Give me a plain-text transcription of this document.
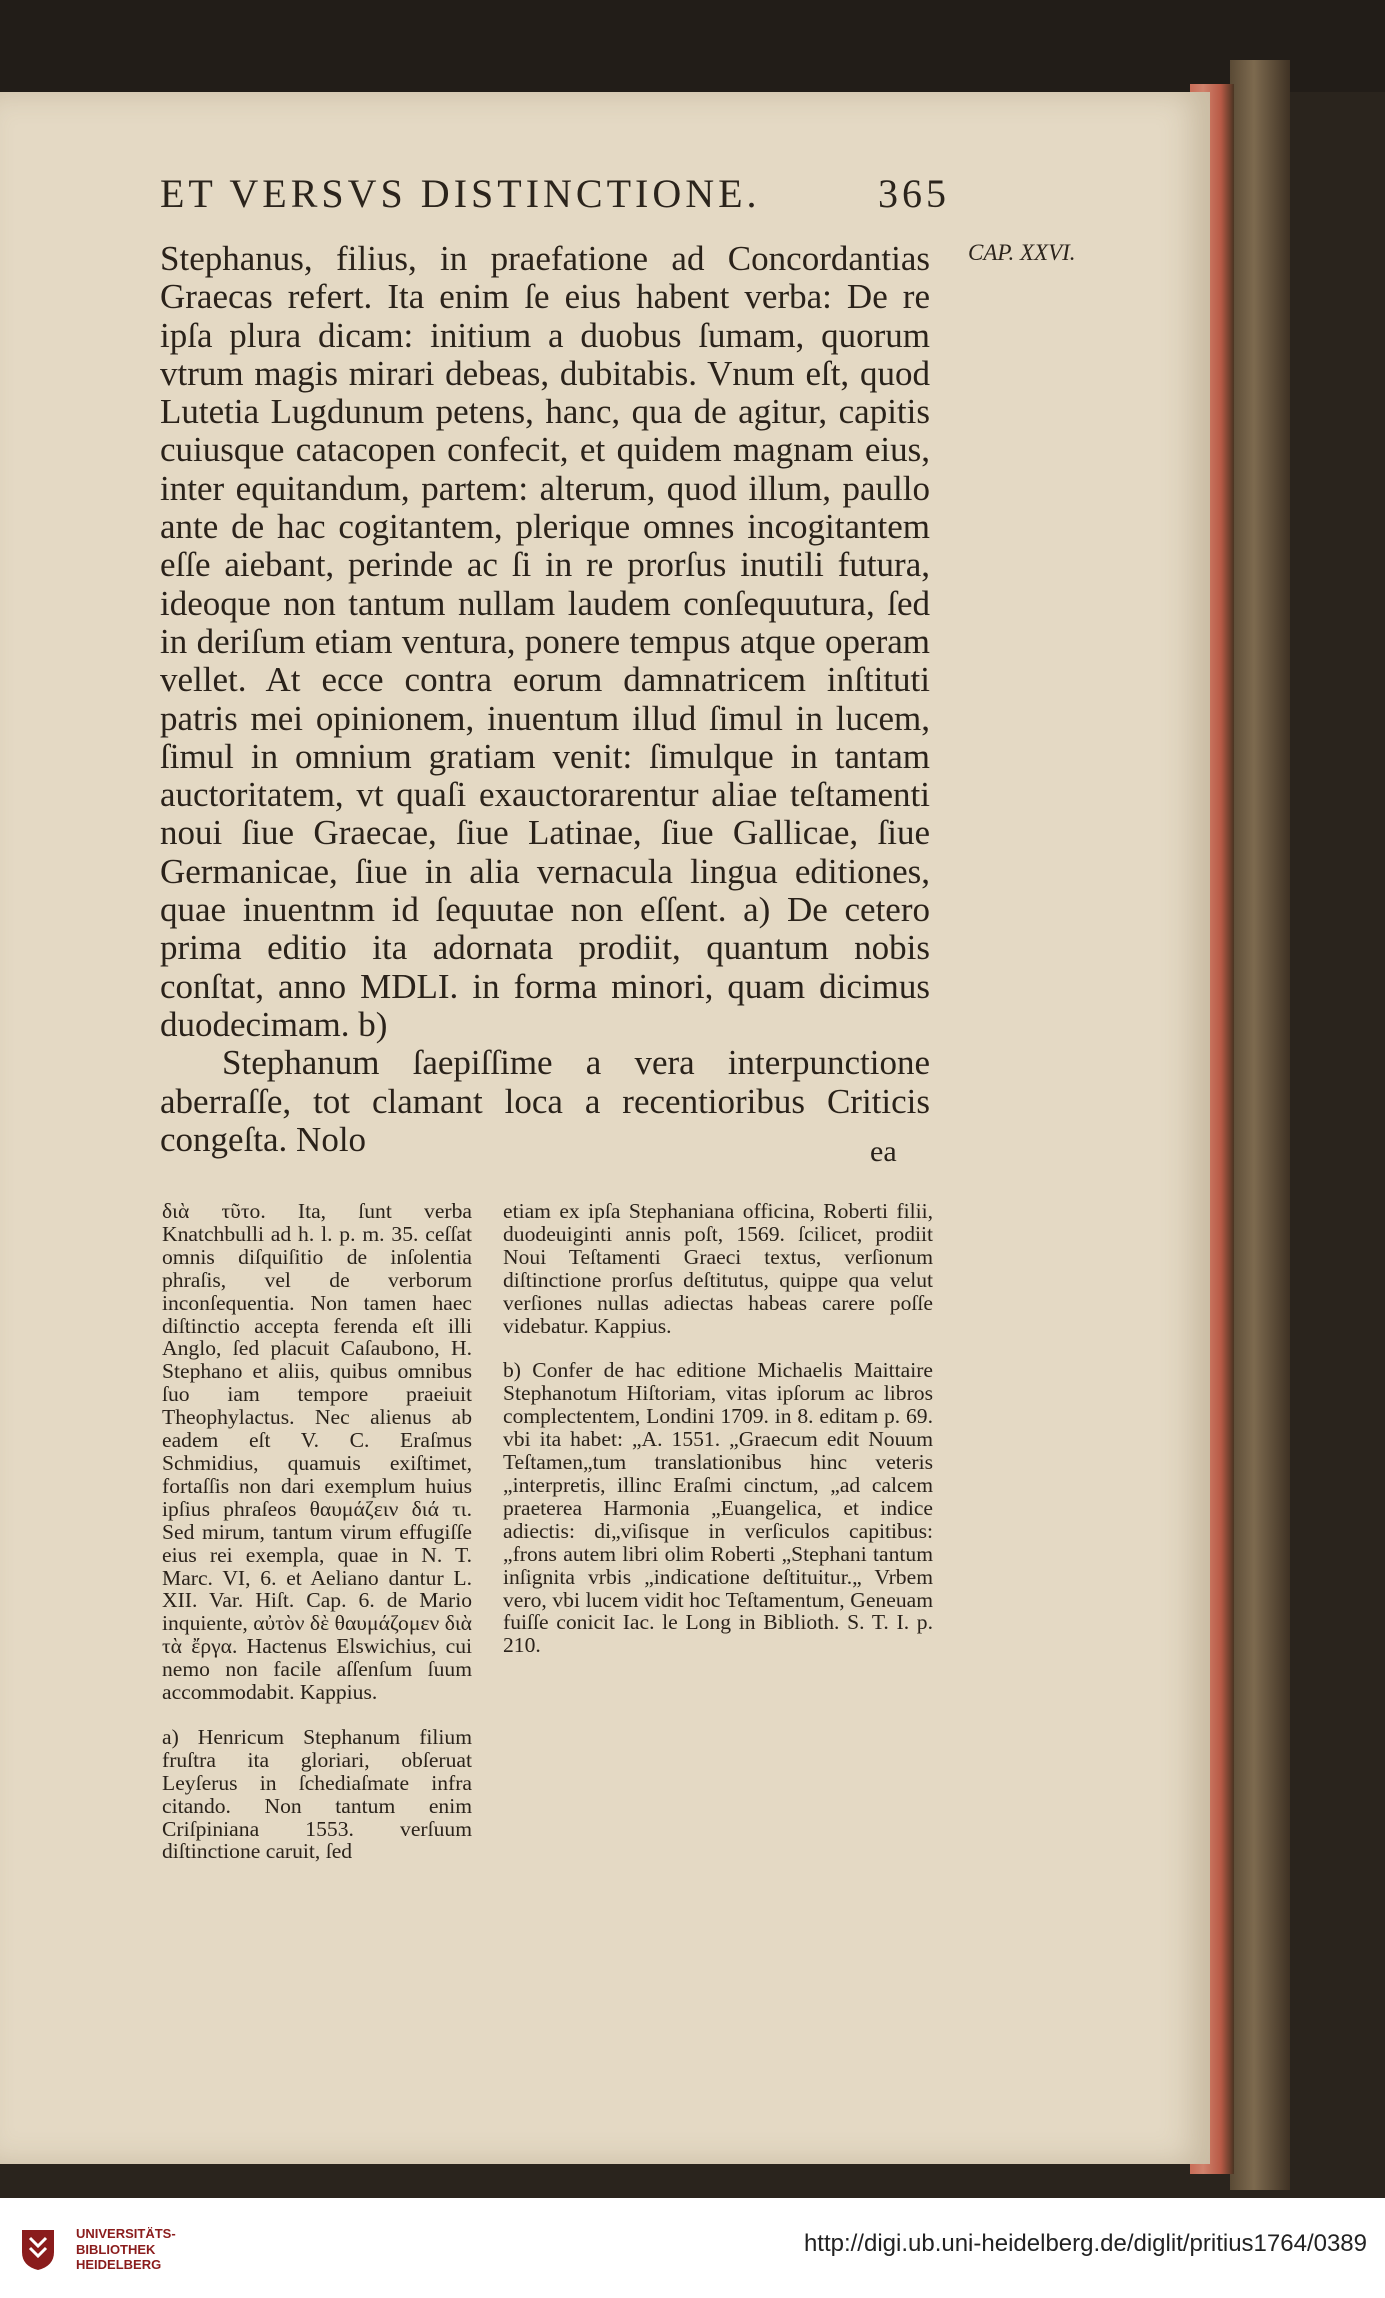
ET VERSVS DISTINCTIONE.	365
CAP. XXVI.

Stephanus, filius, in praefatione ad Concordantias Graecas refert. Ita enim ſe eius habent verba: De re ipſa plura dicam: initium a duobus ſumam, quorum vtrum magis mirari debeas, dubitabis. Vnum eſt, quod Lutetia Lugdunum petens, hanc, qua de agitur, capitis cuiusque catacopen confecit, et quidem magnam eius, inter equitandum, partem: alterum, quod illum, paullo ante de hac cogitantem, plerique omnes incogitantem eſſe aiebant, perinde ac ſi in re prorſus inutili futura, ideoque non tantum nullam laudem conſequutura, ſed in deriſum etiam ventura, ponere tempus atque operam vellet. At ecce contra eorum damnatricem inſtituti patris mei opinionem, inuentum illud ſimul in lucem, ſimul in omnium gratiam venit: ſimulque in tantam auctoritatem, vt quaſi exauctorarentur aliae teſtamenti noui ſiue Graecae, ſiue Latinae, ſiue Gallicae, ſiue Germanicae, ſiue in alia vernacula lingua editiones, quae inuentnm id ſequutae non eſſent. a) De cetero prima editio ita adornata prodiit, quantum nobis conſtat, anno MDLI. in forma minori, quam dicimus duodecimam. b)

Stephanum ſaepiſſime a vera interpunctione aberraſſe, tot clamant loca a recentioribus Criticis congeſta. Nolo	ea

διὰ τῦτο. Ita, ſunt verba Knatchbulli ad h. l. p. m. 35. ceſſat omnis diſquiſitio de inſolentia phraſis, vel de verborum inconſequentia. Non tamen haec diſtinctio accepta ferenda eſt illi Anglo, ſed placuit Caſaubono, H. Stephano et aliis, quibus omnibus ſuo iam tempore praeiuit Theophylactus. Nec alienus ab eadem eſt V. C. Eraſmus Schmidius, quamuis exiſtimet, fortaſſis non dari exemplum huius ipſius phraſeos θαυμάζειν διά τι. Sed mirum, tantum virum effugiſſe eius rei exempla, quae in N. T. Marc. VI, 6. et Aeliano dantur L. XII. Var. Hiſt. Cap. 6. de Mario inquiente, αὐτὸν δὲ θαυμάζομεν διὰ τὰ ἔργα. Hactenus Elswichius, cui nemo non facile aſſenſum ſuum accommodabit. Kappius.

a) Henricum Stephanum filium fruſtra ita gloriari, obſeruat Leyſerus in ſchediaſmate infra citando. Non tantum enim Criſpiniana 1553. verſuum diſtinctione caruit, ſed

etiam ex ipſa Stephaniana officina, Roberti filii, duodeuiginti annis poſt, 1569. ſcilicet, prodiit Noui Teſtamenti Graeci textus, verſionum diſtinctione prorſus deſtitutus, quippe qua velut verſiones nullas adiectas habeas carere poſſe videbatur. Kappius.

b) Confer de hac editione Michaelis Maittaire Stephanotum Hiſtoriam, vitas ipſorum ac libros complectentem, Londini 1709. in 8. editam p. 69. vbi ita habet: „A. 1551. „Graecum edit Nouum Teſtamen„tum translationibus hinc veteris „interpretis, illinc Eraſmi cinctum, „ad calcem praeterea Harmonia „Euangelica, et indice adiectis: di„viſisque in verſiculos capitibus: „frons autem libri olim Roberti „Stephani tantum inſignita vrbis „indicatione deſtituitur.„ Vrbem vero, vbi lucem vidit hoc Teſtamentum, Geneuam fuiſſe conicit Iac. le Long in Biblioth. S. T. I. p. 210.

UNIVERSITÄTS-
BIBLIOTHEK
HEIDELBERG
http://digi.ub.uni-heidelberg.de/diglit/pritius1764/0389
